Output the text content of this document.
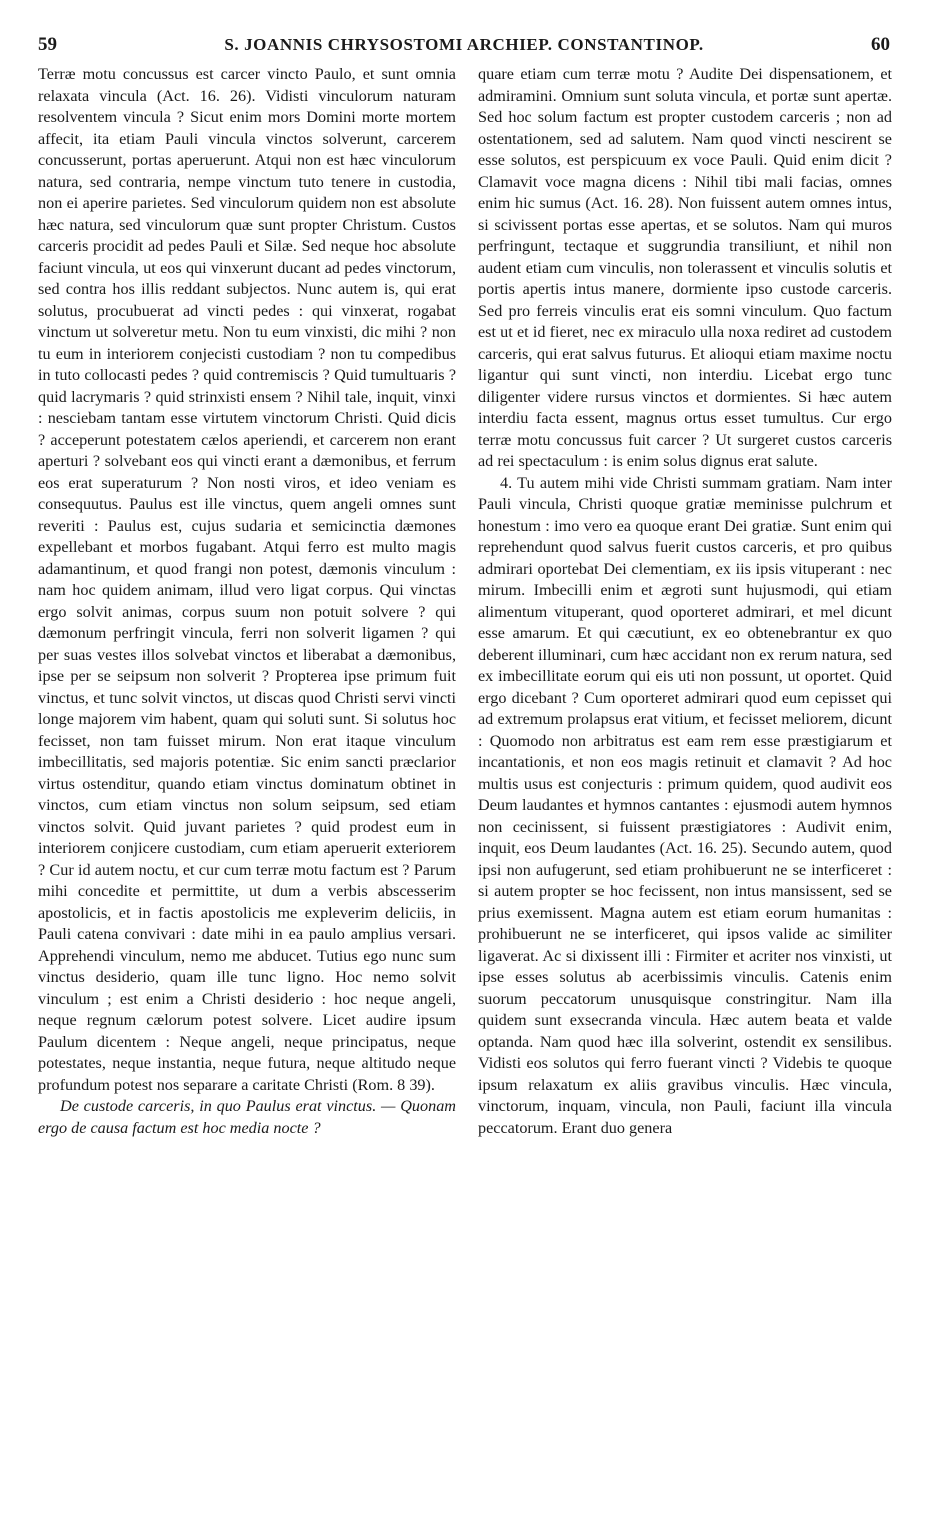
59	S. JOANNIS CHRYSOSTOMI ARCHIEP. CONSTANTINOP.	60

Terræ motu concussus est carcer vincto Paulo, et sunt omnia relaxata vincula (Act. 16. 26). Vidisti vinculorum naturam resolventem vincula ? Sicut enim mors Domini morte mortem affecit, ita etiam Pauli vincula vinctos solverunt, carcerem concusserunt, portas aperuerunt. Atqui non est hæc vinculorum natura, sed contraria, nempe vinctum tuto tenere in custodia, non ei aperire parietes. Sed vinculorum quidem non est absolute hæc natura, sed vinculorum quæ sunt propter Christum. Custos carceris procidit ad pedes Pauli et Silæ. Sed neque hoc absolute faciunt vincula, ut eos qui vinxerunt ducant ad pedes vinctorum, sed contra hos illis reddant subjectos. Nunc autem is, qui erat solutus, procubuerat ad vincti pedes : qui vinxerat, rogabat vinctum ut solveretur metu. Non tu eum vinxisti, dic mihi ? non tu eum in interiorem conjecisti custodiam ? non tu compedibus in tuto collocasti pedes ? quid contremiscis ? Quid tumultuaris ? quid lacrymaris ? quid strinxisti ensem ? Nihil tale, inquit, vinxi : nesciebam tantam esse virtutem vinctorum Christi. Quid dicis ? acceperunt potestatem cælos aperiendi, et carcerem non erant aperturi ? solvebant eos qui vincti erant a dæmonibus, et ferrum eos erat superaturum ? Non nosti viros, et ideo veniam es consequutus. Paulus est ille vinctus, quem angeli omnes sunt reveriti : Paulus est, cujus sudaria et semicinctia dæmones expellebant et morbos fugabant. Atqui ferro est multo magis adamantinum, et quod frangi non potest, dæmonis vinculum : nam hoc quidem animam, illud vero ligat corpus. Qui vinctas ergo solvit animas, corpus suum non potuit solvere ? qui dæmonum perfringit vincula, ferri non solverit ligamen ? qui per suas vestes illos solvebat vinctos et liberabat a dæmonibus, ipse per se seipsum non solverit ? Propterea ipse primum fuit vinctus, et tunc solvit vinctos, ut discas quod Christi servi vincti longe majorem vim habent, quam qui soluti sunt. Si solutus hoc fecisset, non tam fuisset mirum. Non erat itaque vinculum imbecillitatis, sed majoris potentiæ. Sic enim sancti præclarior virtus ostenditur, quando etiam vinctus dominatum obtinet in vinctos, cum etiam vinctus non solum seipsum, sed etiam vinctos solvit. Quid juvant parietes ? quid prodest eum in interiorem conjicere custodiam, cum etiam aperuerit exteriorem ? Cur id autem noctu, et cur cum terræ motu factum est ? Parum mihi concedite et permittite, ut dum a verbis abscesserim apostolicis, et in factis apostolicis me expleverim deliciis, in Pauli catena convivari : date mihi in ea paulo amplius versari. Apprehendi vinculum, nemo me abducet. Tutius ego nunc sum vinctus desiderio, quam ille tunc ligno. Hoc nemo solvit vinculum ; est enim a Christi desiderio : hoc neque angeli, neque regnum cælorum potest solvere. Licet audire ipsum Paulum dicentem : Neque angeli, neque principatus, neque potestates, neque instantia, neque futura, neque altitudo neque profundum potest nos separare a caritate Christi (Rom. 8 39).

De custode carceris, in quo Paulus erat vinctus. — Quonam ergo de causa factum est hoc media nocte ?

quare etiam cum terræ motu ? Audite Dei dispensationem, et admiramini. Omnium sunt soluta vincula, et portæ sunt apertæ. Sed hoc solum factum est propter custodem carceris ; non ad ostentationem, sed ad salutem. Nam quod vincti nescirent se esse solutos, est perspicuum ex voce Pauli. Quid enim dicit ? Clamavit voce magna dicens : Nihil tibi mali facias, omnes enim hic sumus (Act. 16. 28). Non fuissent autem omnes intus, si scivissent portas esse apertas, et se solutos. Nam qui muros perfringunt, tectaque et suggrundia transiliunt, et nihil non audent etiam cum vinculis, non tolerassent et vinculis solutis et portis apertis intus manere, dormiente ipso custode carceris. Sed pro ferreis vinculis erat eis somni vinculum. Quo factum est ut et id fieret, nec ex miraculo ulla noxa rediret ad custodem carceris, qui erat salvus futurus. Et alioqui etiam maxime noctu ligantur qui sunt vincti, non interdiu. Licebat ergo tunc diligenter videre rursus vinctos et dormientes. Si hæc autem interdiu facta essent, magnus ortus esset tumultus. Cur ergo terræ motu concussus fuit carcer ? Ut surgeret custos carceris ad rei spectaculum : is enim solus dignus erat salute.

4. Tu autem mihi vide Christi summam gratiam. Nam inter Pauli vincula, Christi quoque gratiæ meminisse pulchrum et honestum : imo vero ea quoque erant Dei gratiæ. Sunt enim qui reprehendunt quod salvus fuerit custos carceris, et pro quibus admirari oportebat Dei clementiam, ex iis ipsis vituperant : nec mirum. Imbecilli enim et ægroti sunt hujusmodi, qui etiam alimentum vituperant, quod oporteret admirari, et mel dicunt esse amarum. Et qui cæcutiunt, ex eo obtenebrantur ex quo deberent illuminari, cum hæc accidant non ex rerum natura, sed ex imbecillitate eorum qui eis uti non possunt, ut oportet. Quid ergo dicebant ? Cum oporteret admirari quod eum cepisset qui ad extremum prolapsus erat vitium, et fecisset meliorem, dicunt : Quomodo non arbitratus est eam rem esse præstigiarum et incantationis, et non eos magis retinuit et clamavit ? Ad hoc multis usus est conjecturis : primum quidem, quod audivit eos Deum laudantes et hymnos cantantes : ejusmodi autem hymnos non cecinissent, si fuissent præstigiatores : Audivit enim, inquit, eos Deum laudantes (Act. 16. 25). Secundo autem, quod ipsi non aufugerunt, sed etiam prohibuerunt ne se interficeret : si autem propter se hoc fecissent, non intus mansissent, sed se prius exemissent. Magna autem est etiam eorum humanitas : prohibuerunt ne se interficeret, qui ipsos valide ac similiter ligaverat. Ac si dixissent illi : Firmiter et acriter nos vinxisti, ut ipse esses solutus ab acerbissimis vinculis. Catenis enim suorum peccatorum unusquisque constringitur. Nam illa quidem sunt exsecranda vincula. Hæc autem beata et valde optanda. Nam quod hæc illa solverint, ostendit ex sensilibus. Vidisti eos solutos qui ferro fuerant vincti ? Videbis te quoque ipsum relaxatum ex aliis gravibus vinculis. Hæc vincula, vinctorum, inquam, vincula, non Pauli, faciunt illa vincula peccatorum. Erant duo genera
